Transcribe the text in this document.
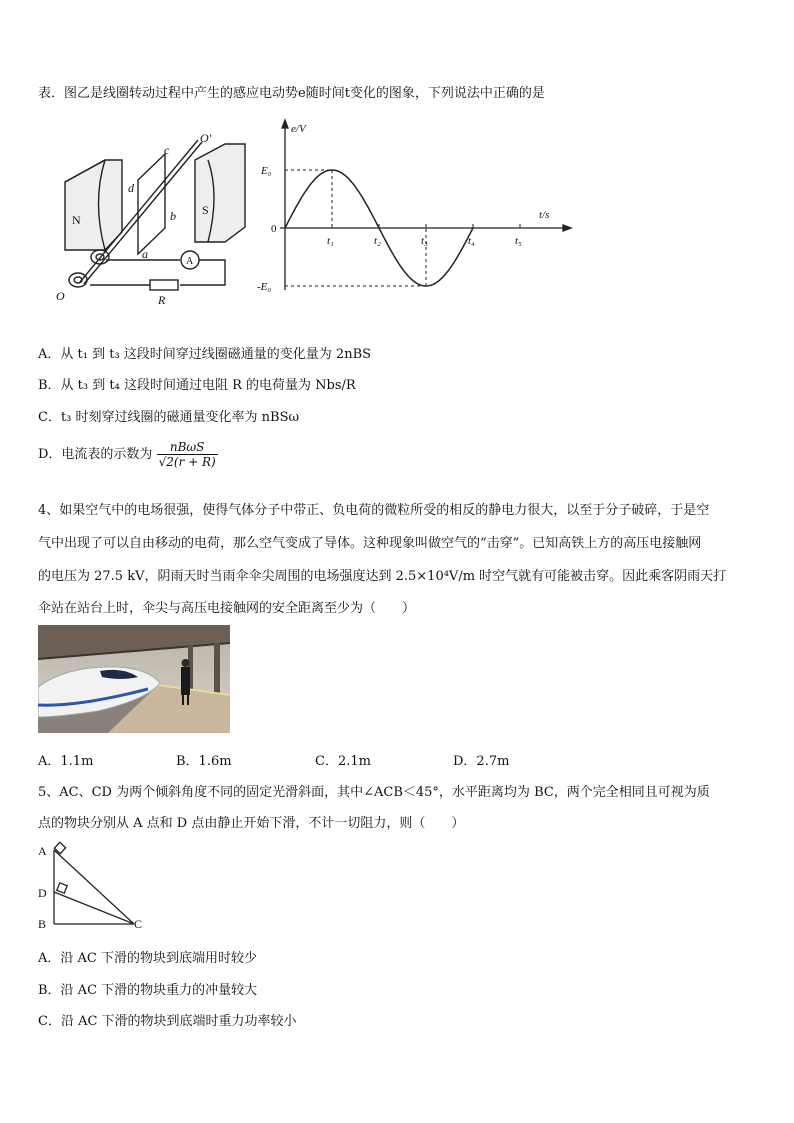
表．图乙是线圈转动过程中产生的感应电动势e随时间t变化的图象，下列说法中正确的是
N
S
d
b
c
a
O'
O
A
R
e/V
t/s
E₀
0
-E₀
t₁	t₂	t₃	t₄	t₅
A．从 t₁ 到 t₃ 这段时间穿过线圈磁通量的变化量为 2nBS
B．从 t₃ 到 t₄ 这段时间通过电阻 R 的电荷量为 Nbs/R
C．t₃ 时刻穿过线圈的磁通量变化率为 nBSω
D．电流表的示数为 $\frac{\text{nBωS}}{√2(r + R)}$
4、如果空气中的电场很强，使得气体分子中带正、负电荷的微粒所受的相反的静电力很大，以至于分子破碎，于是空
气中出现了可以自由移动的电荷，那么空气变成了导体。这种现象叫做空气的“击穿”。已知高铁上方的高压电接触网
的电压为 27.5 kV，阴雨天时当雨伞伞尖周围的电场强度达到 2.5×10⁴V/m 时空气就有可能被击穿。因此乘客阴雨天打
伞站在站台上时，伞尖与高压电接触网的安全距离至少为（　　）
A．1.1m	B．1.6m	C．2.1m	D．2.7m
5、AC、CD 为两个倾斜角度不同的固定光滑斜面，其中∠ACB＜45°，水平距离均为 BC，两个完全相同且可视为质
点的物块分别从 A 点和 D 点由静止开始下滑，不计一切阻力，则（　　）
A
D
B	C
A．沿 AC 下滑的物块到底端用时较少
B．沿 AC 下滑的物块重力的冲量较大
C．沿 AC 下滑的物块到底端时重力功率较小
